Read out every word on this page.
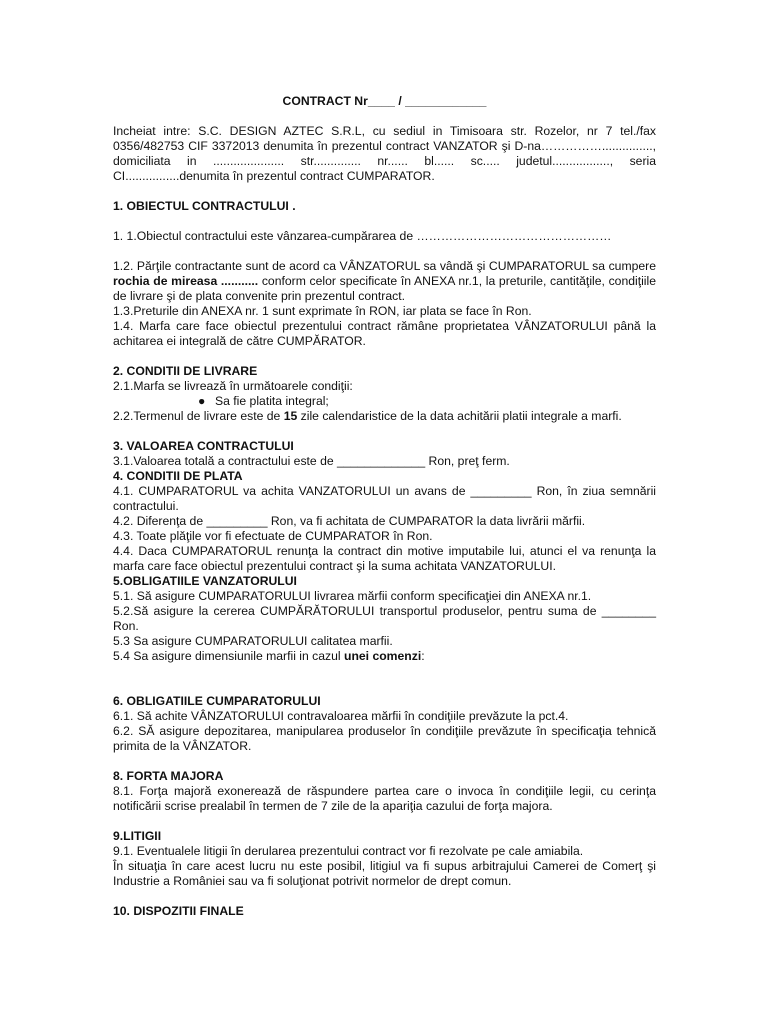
CONTRACT Nr____ / ____________

Incheiat intre: S.C. DESIGN AZTEC S.R.L, cu sediul in Timisoara str. Rozelor, nr 7 tel./fax 0356/482753 CIF 3372013 denumita în prezentul contract VANZATOR şi D-na……………..............., domiciliata in ..................... str.............. nr...... bl...... sc..... judetul................., seria CI................denumita în prezentul contract CUMPARATOR.

1. OBIECTUL CONTRACTULUI .

1. 1.Obiectul contractului este vânzarea-cumpărarea de …………………………………………

1.2. Părţile contractante sunt de acord ca VÂNZATORUL sa vândă şi CUMPARATORUL sa cumpere rochia de mireasa ........... conform celor specificate în ANEXA nr.1, la preturile, cantităţile, condiţiile de livrare şi de plata convenite prin prezentul contract.

1.3.Preturile din ANEXA nr. 1 sunt exprimate în RON, iar plata se face în Ron.

1.4. Marfa care face obiectul prezentului contract rămâne proprietatea VÂNZATORULUI până la achitarea ei integrală de către CUMPĂRATOR.

2. CONDITII DE LIVRARE

2.1.Marfa se livrează în următoarele condiţii:

● Sa fie platita integral;

2.2.Termenul de livrare este de 15 zile calendaristice de la data achitării platii integrale a marfi.

3. VALOAREA CONTRACTULUI

3.1.Valoarea totală a contractului este de _____________ Ron, preţ ferm.

4. CONDITII DE PLATA

4.1. CUMPARATORUL va achita VANZATORULUI un avans de _________ Ron, în ziua semnării contractului.

4.2. Diferenţa de _________ Ron, va fi achitata de CUMPARATOR la data livrării mărfii.

4.3. Toate plăţile vor fi efectuate de CUMPARATOR în Ron.

4.4. Daca CUMPARATORUL renunţa la contract din motive imputabile lui, atunci el va renunţa la marfa care face obiectul prezentului contract şi la suma achitata VANZATORULUI.

5.OBLIGATIILE VANZATORULUI

5.1. Să asigure CUMPARATORULUI livrarea mărfii conform specificaţiei din ANEXA nr.1.

5.2.Să asigure la cererea CUMPĂRĂTORULUI transportul produselor, pentru suma de ________ Ron.

5.3 Sa asigure CUMPARATORULUI calitatea marfii.

5.4 Sa asigure dimensiunile marfii in cazul unei comenzi:

6. OBLIGATIILE CUMPARATORULUI

6.1. Să achite VÂNZATORULUI contravaloarea mărfii în condiţiile prevăzute la pct.4.

6.2. SĂ asigure depozitarea, manipularea produselor în condiţiile prevăzute în specificaţia tehnică primita de la VÂNZATOR.

8. FORTA MAJORA

8.1. Forţa majoră exonerează de răspundere partea care o invoca în condiţiile legii, cu cerinţa notificării scrise prealabil în termen de 7 zile de la apariţia cazului de forţa majora.

9.LITIGII

9.1. Eventualele litigii în derularea prezentului contract vor fi rezolvate pe cale amiabila.

În situaţia în care acest lucru nu este posibil, litigiul va fi supus arbitrajului Camerei de Comerţ şi Industrie a României sau va fi soluţionat potrivit normelor de drept comun.

10. DISPOZITII FINALE
